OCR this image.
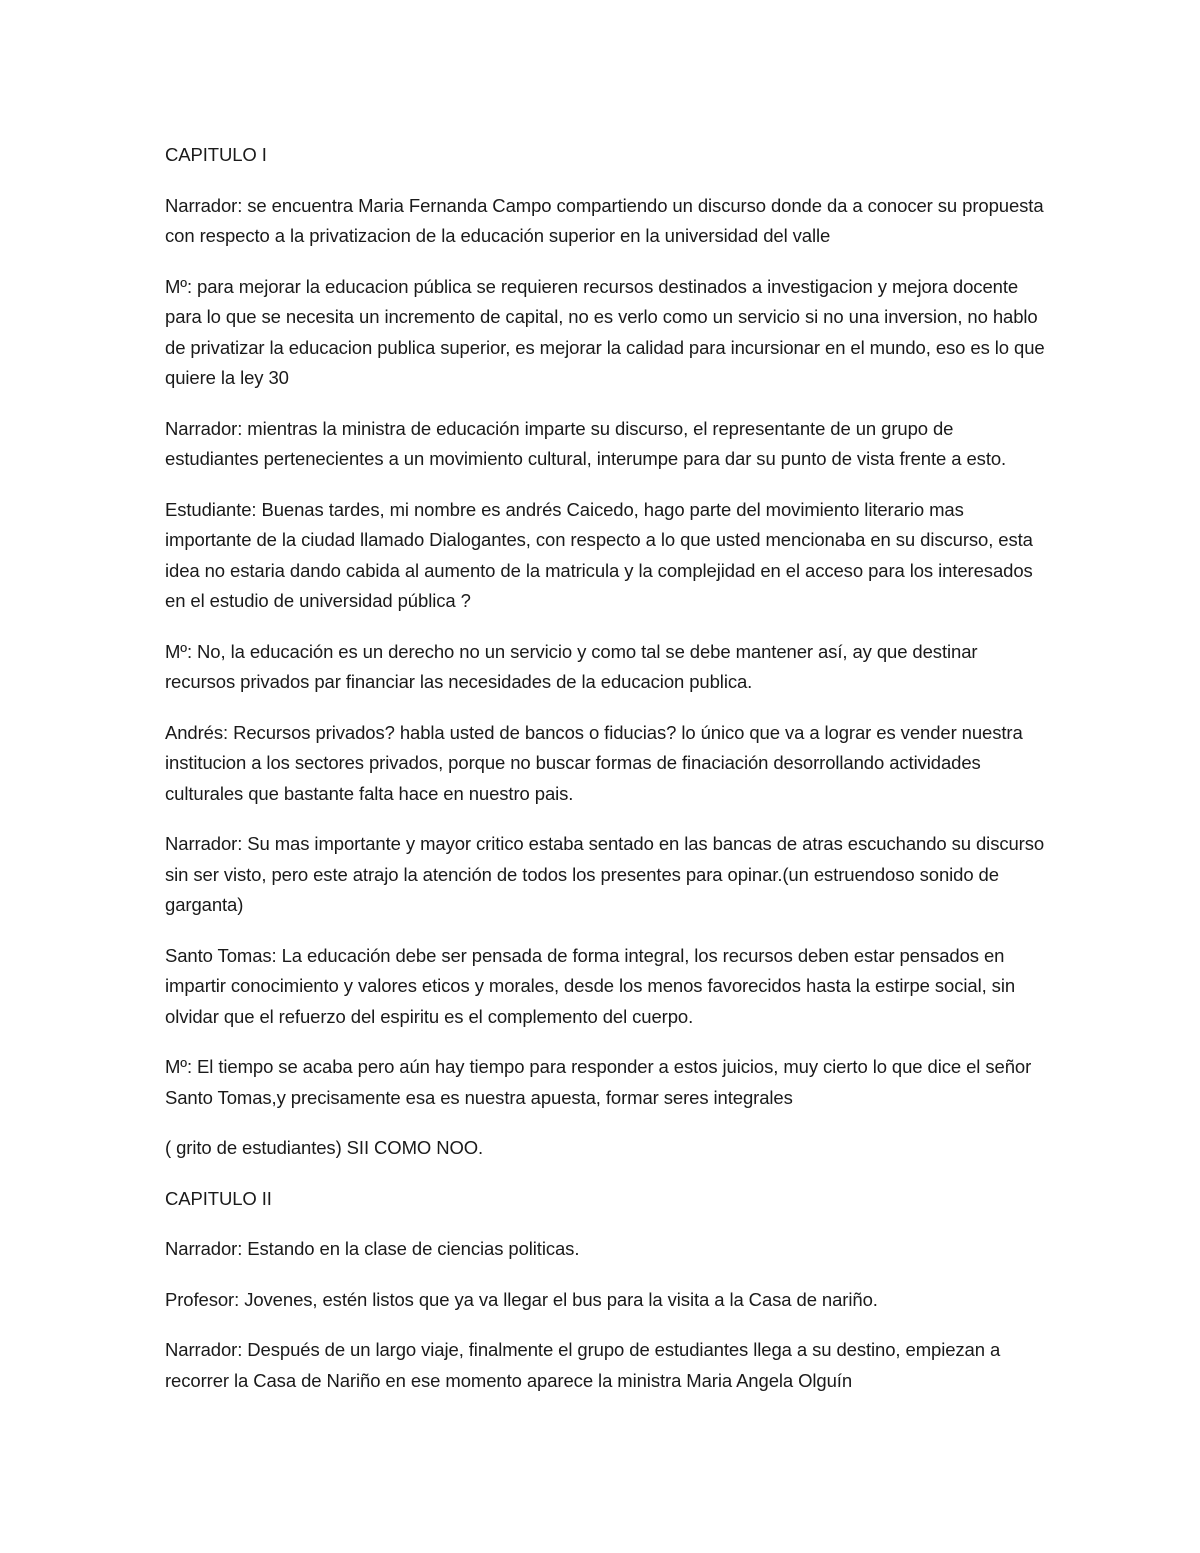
CAPITULO I

Narrador: se encuentra Maria Fernanda Campo compartiendo un discurso donde da a conocer su propuesta con respecto a la privatizacion de la educación superior en la universidad del valle

Mº: para mejorar la educacion pública se requieren recursos destinados a investigacion y mejora docente para lo que se necesita un incremento de capital, no es verlo como un servicio si no una inversion, no hablo de privatizar la educacion publica superior, es mejorar la calidad para incursionar en el mundo, eso es lo que quiere la ley 30

Narrador: mientras la ministra de educación imparte su discurso, el representante de un grupo de estudiantes pertenecientes a un movimiento cultural, interumpe para dar su punto de vista frente a esto.

Estudiante: Buenas tardes, mi nombre es andrés Caicedo, hago parte del movimiento literario mas importante de la ciudad llamado Dialogantes, con respecto a lo que usted mencionaba en su discurso, esta idea no estaria dando cabida al aumento de la matricula y la complejidad en el acceso para los interesados en el estudio de universidad pública ?

Mº: No, la educación es un derecho no un servicio y como tal se debe mantener así, ay que destinar recursos privados par financiar las necesidades de la educacion publica.

Andrés: Recursos privados? habla usted de bancos o fiducias? lo único que va a lograr es vender nuestra institucion a los sectores privados, porque no buscar formas de finaciación desorrollando actividades culturales que bastante falta hace en nuestro pais.

Narrador: Su mas importante y mayor critico estaba sentado en las bancas de atras escuchando su discurso sin ser visto, pero este atrajo la atención de todos los presentes para opinar.(un estruendoso sonido de garganta)

Santo Tomas: La educación debe ser pensada de forma integral, los recursos deben estar pensados en impartir conocimiento y valores eticos y morales, desde los menos favorecidos hasta la estirpe social, sin olvidar que el refuerzo del espiritu es el complemento del cuerpo.

Mº: El tiempo se acaba pero aún hay tiempo para responder a estos juicios, muy cierto lo que dice el señor Santo Tomas,y precisamente esa es nuestra apuesta, formar seres integrales

( grito de estudiantes) SII COMO NOO.

CAPITULO II

Narrador: Estando en la clase de ciencias politicas.

Profesor: Jovenes, estén listos que ya va llegar el bus para la visita a la Casa de nariño.

Narrador: Después de un largo viaje, finalmente el grupo de estudiantes llega a su destino, empiezan a recorrer la Casa de Nariño en ese momento aparece la ministra Maria Angela Olguín
